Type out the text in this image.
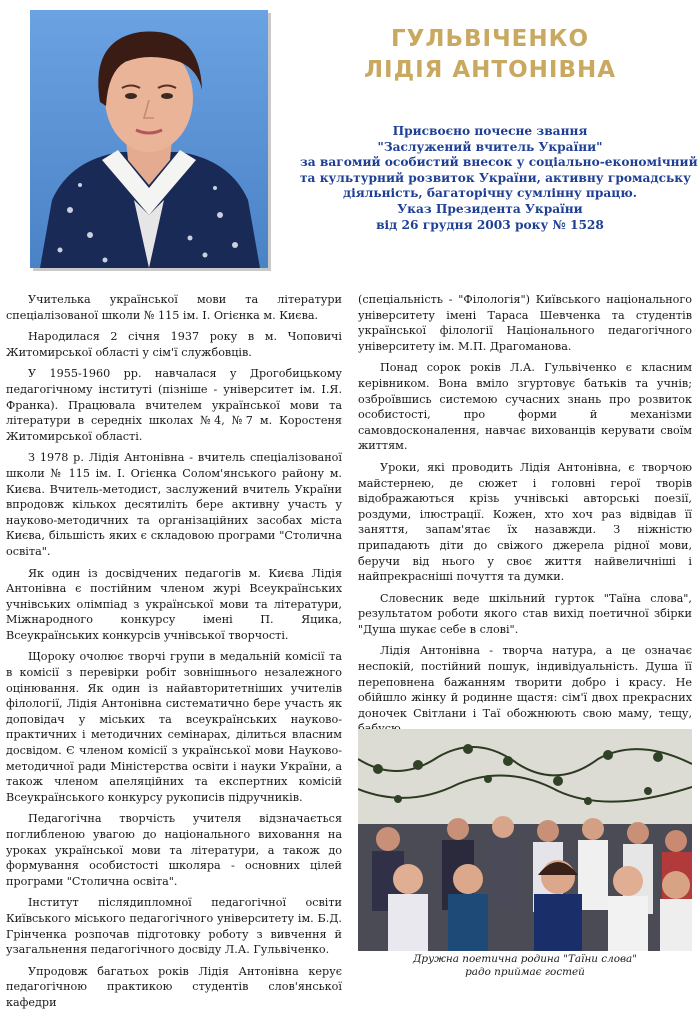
ГУЛЬВІЧЕНКО
ЛІДІЯ АНТОНІВНА
Присвоєно почесне звання
"Заслужений вчитель України"
за вагомий особистий внесок у соціально-економічний
та культурний розвиток України, активну громадську
діяльність, багаторічну сумлінну працю.
Указ Президента України
від 26 грудня 2003 року № 1528

Учителька української мови та літератури спеціалізованої школи № 115 ім. І. Огієнка м. Києва.

Народилася 2 січня 1937 року в м. Чоповичі Житомирської області у сім'ї службовців.

У 1955-1960 рр. навчалася у Дрогобицькому педагогічному інституті (пізніше - університет ім. І.Я. Франка). Працювала вчителем української мови та літератури в середніх школах №4, №7 м. Коростеня Житомирської області.

З 1978 р. Лідія Антонівна - вчитель спеціалізованої школи № 115 ім. І. Огієнка Солом'янського району м. Києва. Вчитель-методист, заслужений вчитель України впродовж кількох десятиліть бере активну участь у науково-методичних та організаційних засобах міста Києва, більшість яких є складовою програми "Столична освіта".

Як один із досвідчених педагогів м. Києва Лідія Антонівна є постійним членом журі Всеукраїнських учнівських олімпіад з української мови та літератури, Міжнародного конкурсу імені П. Яцика, Всеукраїнських конкурсів учнівської творчості.

Щороку очолює творчі групи в медальній комісії та в комісії з перевірки робіт зовнішнього незалежного оцінювання. Як один із найавторитетніших учителів філології, Лідія Антонівна систематично бере участь як доповідач у міських та всеукраїнських науково-практичних і методичних семінарах, ділиться власним досвідом. Є членом комісії з української мови Науково-методичної ради Міністерства освіти і науки України, а також членом апеляційних та експертних комісій Всеукраїнського конкурсу рукописів підручників.

Педагогічна творчість учителя відзначається поглибленою увагою до національного виховання на уроках української мови та літератури, а також до формування особистості школяра - основних цілей програми "Столична освіта".

Інститут післядипломної педагогічної освіти Київського міського педагогічного університету ім. Б.Д. Грінченка розпочав підготовку роботу з вивчення й узагальнення педагогічного досвіду Л.А. Гульвіченко.

Упродовж багатьох років Лідія Антонівна керує педагогічною практикою студентів слов'янської кафедри

(спеціальність - "Філологія") Київського національного університету імені Тараса Шевченка та студентів української філології Національного педагогічного університету ім. М.П. Драгоманова.

Понад сорок років Л.А. Гульвіченко є класним керівником. Вона вміло згуртовує батьків та учнів; озброївшись системою сучасних знань про розвиток особистості, про форми й механізми самовдосконалення, навчає вихованців керувати своїм життям.

Уроки, які проводить Лідія Антонівна, є творчою майстернею, де сюжет і головні герої творів відображаються крізь учнівські авторські поезії, роздуми, ілюстрації. Кожен, хто хоч раз відвідав її заняття, запам'ятає їх назавжди. З ніжністю припадають діти до свіжого джерела рідної мови, беручи від нього у своє життя найвеличніші і найпрекрасніші почуття та думки.

Словесник веде шкільний гурток "Таїна слова", результатом роботи якого став вихід поетичної збірки "Душа шукає себе в слові".

Лідія Антонівна - творча натура, а це означає неспокій, постійний пошук, індивідуальність. Душа її переповнена бажанням творити добро і красу. Не обійшло жінку й родинне щастя: сім'ї двох прекрасних доночек Світлани і Таї обожнюють свою маму, тещу,

Дружна поетична родина "Таїни слова"
радо приймає гостей
